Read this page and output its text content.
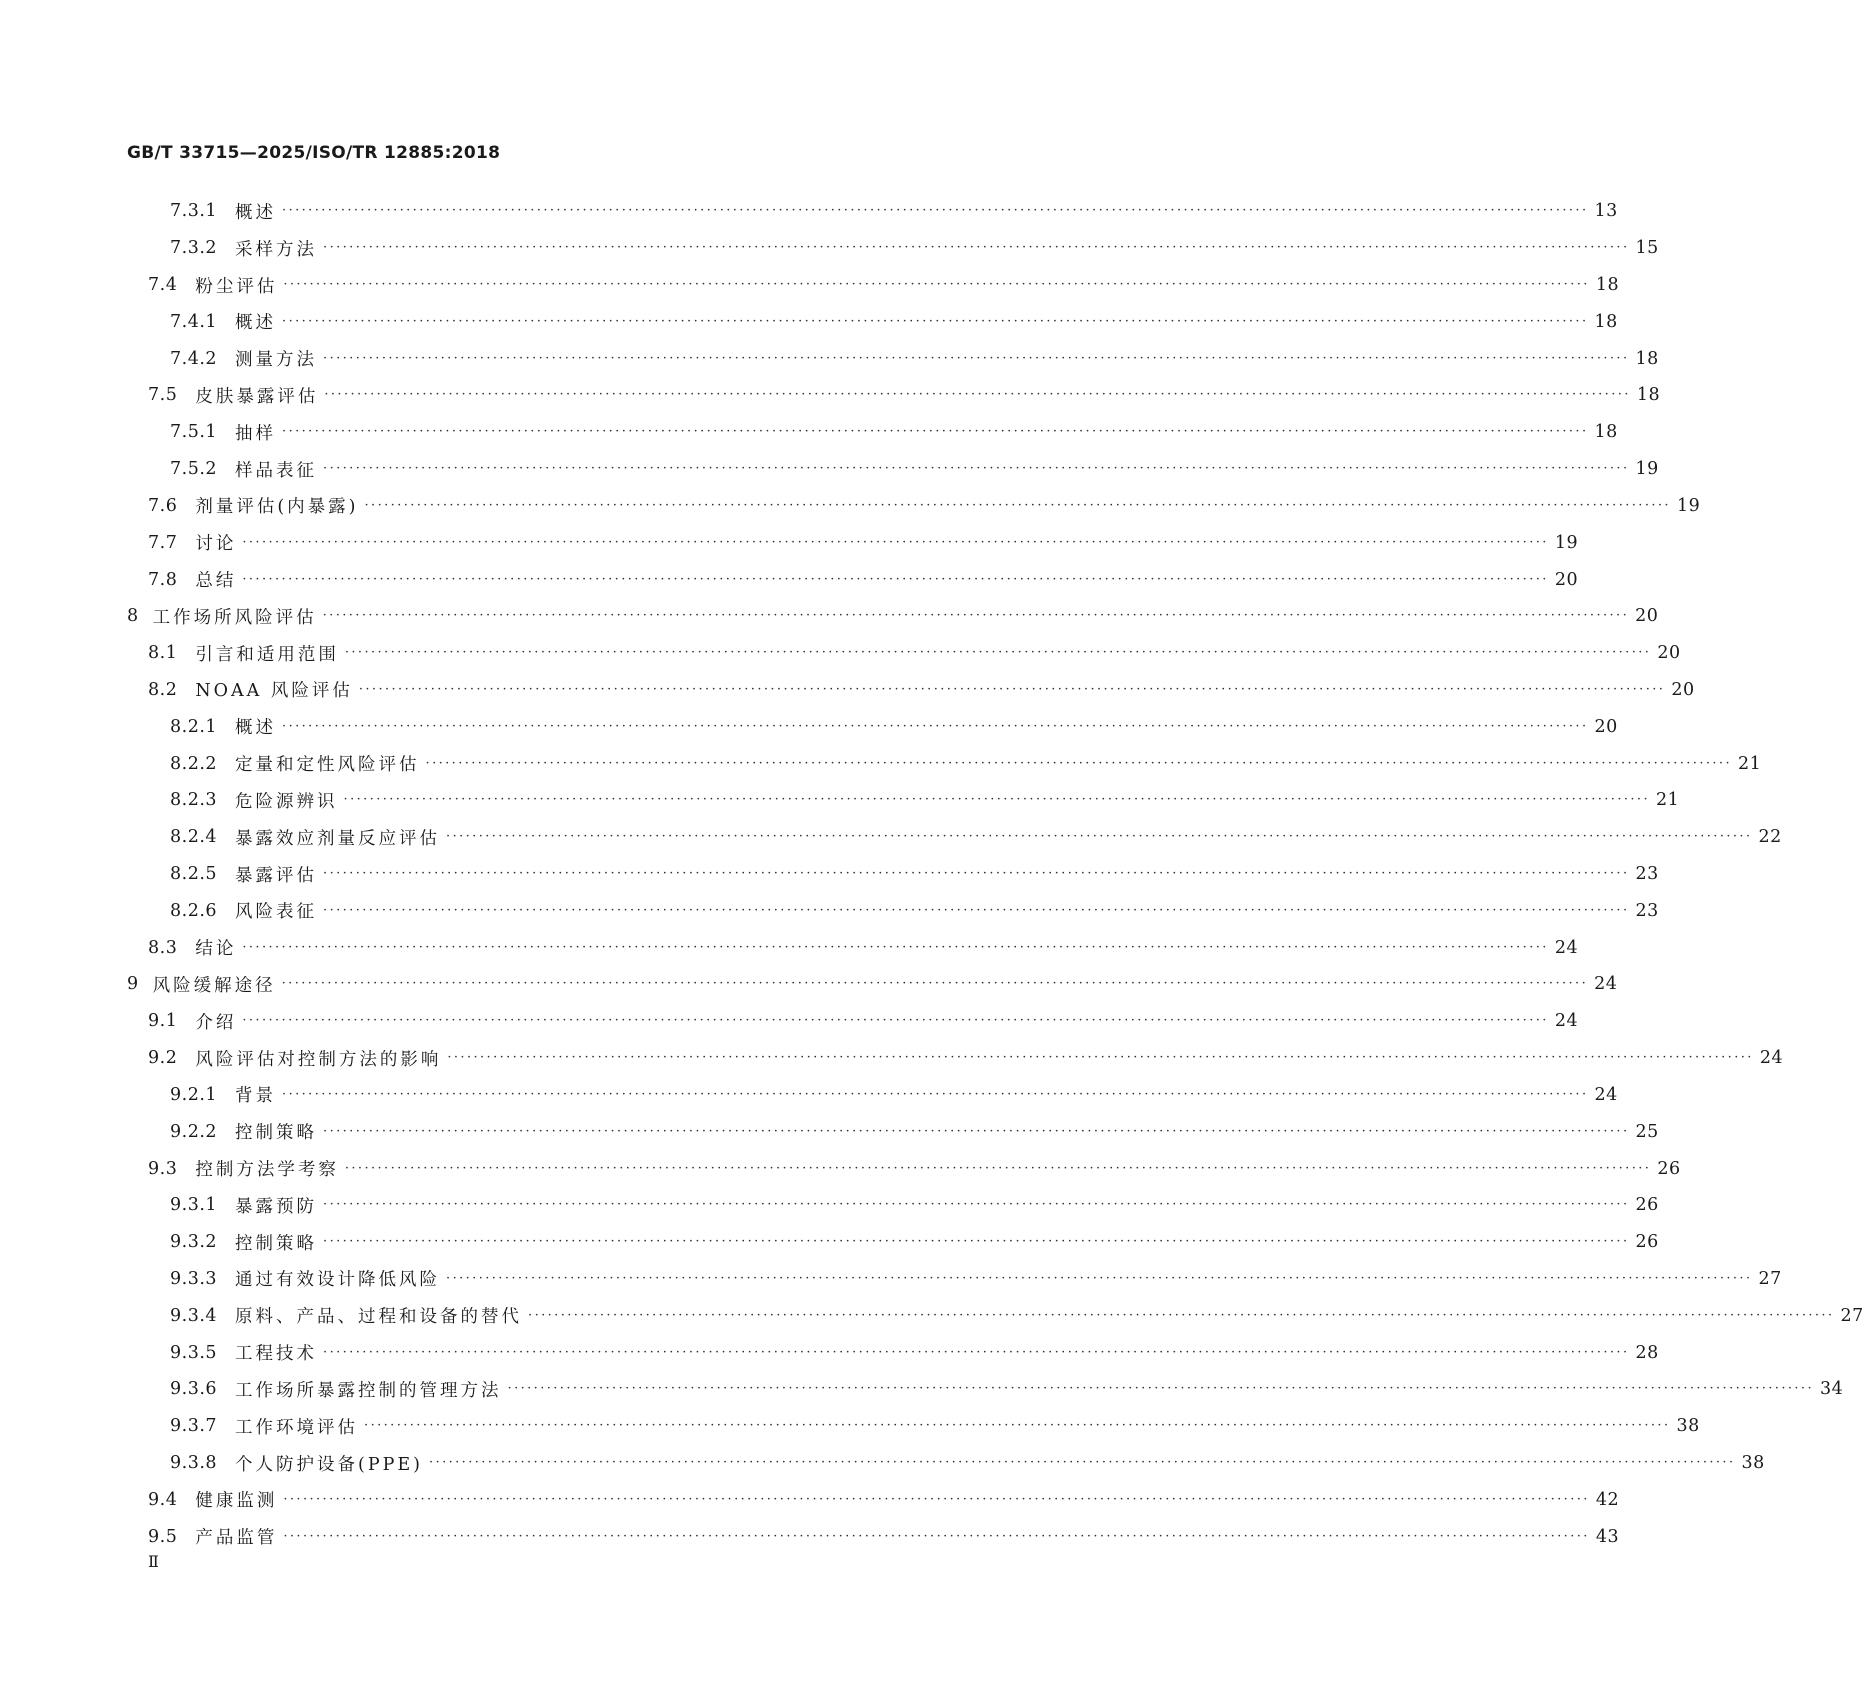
GB/T 33715—2025/ISO/TR 12885:2018
7.3.1 概述 ········································································································································································································ 13
7.3.2 采样方法 ········································································································································································································ 15
7.4 粉尘评估 ········································································································································································································ 18
7.4.1 概述 ········································································································································································································ 18
7.4.2 测量方法 ········································································································································································································ 18
7.5 皮肤暴露评估 ········································································································································································································ 18
7.5.1 抽样 ········································································································································································································ 18
7.5.2 样品表征 ········································································································································································································ 19
7.6 剂量评估(内暴露) ········································································································································································································ 19
7.7 讨论 ········································································································································································································ 19
7.8 总结 ········································································································································································································ 20
8 工作场所风险评估 ········································································································································································································ 20
8.1 引言和适用范围 ········································································································································································································ 20
8.2 NOAA 风险评估 ········································································································································································································ 20
8.2.1 概述 ········································································································································································································ 20
8.2.2 定量和定性风险评估 ········································································································································································································ 21
8.2.3 危险源辨识 ········································································································································································································ 21
8.2.4 暴露效应剂量反应评估 ········································································································································································································ 22
8.2.5 暴露评估 ········································································································································································································ 23
8.2.6 风险表征 ········································································································································································································ 23
8.3 结论 ········································································································································································································ 24
9 风险缓解途径 ········································································································································································································ 24
9.1 介绍 ········································································································································································································ 24
9.2 风险评估对控制方法的影响 ········································································································································································································ 24
9.2.1 背景 ········································································································································································································ 24
9.2.2 控制策略 ········································································································································································································ 25
9.3 控制方法学考察 ········································································································································································································ 26
9.3.1 暴露预防 ········································································································································································································ 26
9.3.2 控制策略 ········································································································································································································ 26
9.3.3 通过有效设计降低风险 ········································································································································································································ 27
9.3.4 原料、产品、过程和设备的替代 ········································································································································································································ 27
9.3.5 工程技术 ········································································································································································································ 28
9.3.6 工作场所暴露控制的管理方法 ········································································································································································································ 34
9.3.7 工作环境评估 ········································································································································································································ 38
9.3.8 个人防护设备(PPE) ········································································································································································································ 38
9.4 健康监测 ········································································································································································································ 42
9.5 产品监管 ········································································································································································································ 43
Ⅱ
